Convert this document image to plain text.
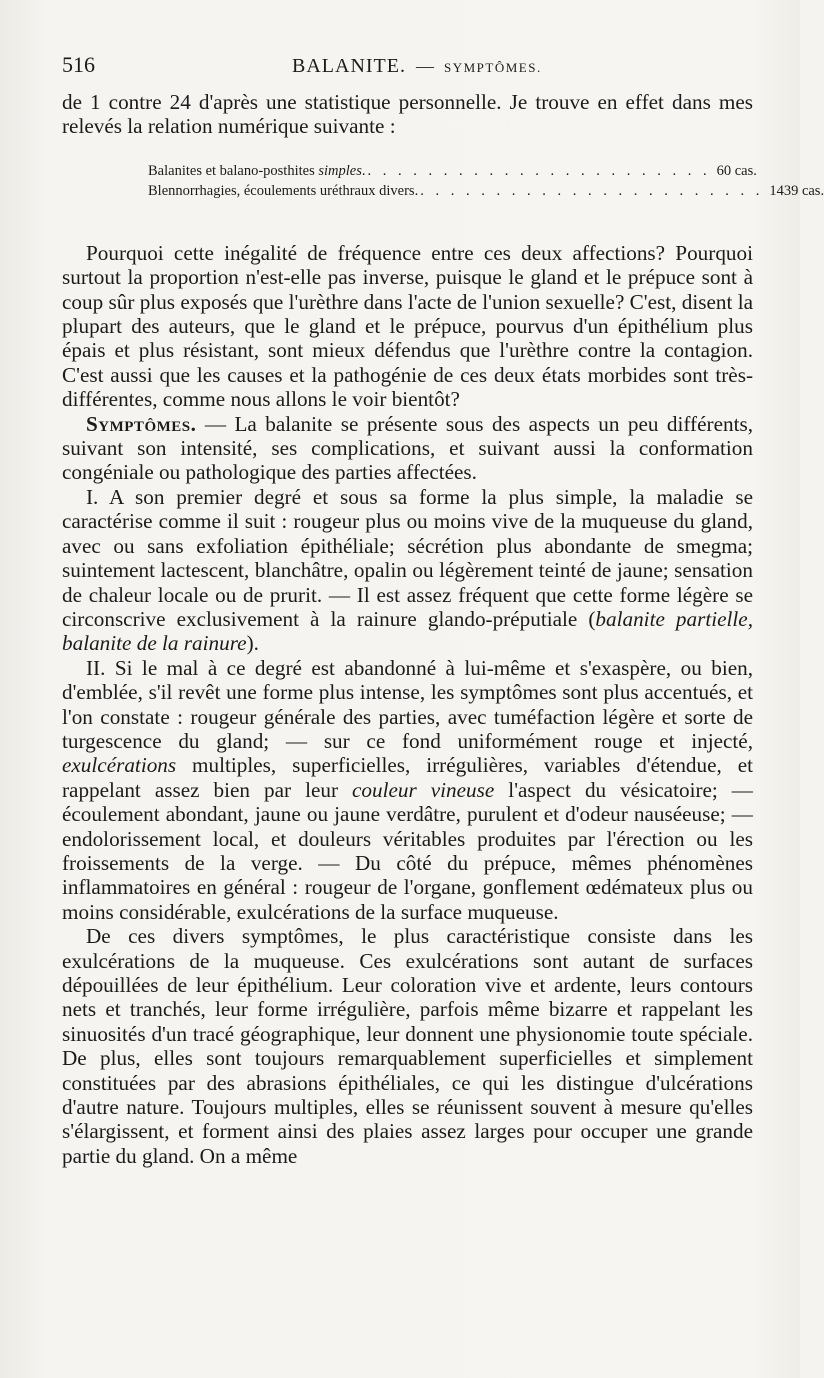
516	BALANITE. — SYMPTÔMES.

de 1 contre 24 d'après une statistique personnelle. Je trouve en effet dans mes relevés la relation numérique suivante :

Balanites et balano-posthites simples. . . . . . . . . . . . . . . . . . . . . . . . 60 cas.
Blennorrhagies, écoulements uréthraux divers. . . . . . . . . . . . . . . . . . . . . . . . 1439 cas.

Pourquoi cette inégalité de fréquence entre ces deux affections? Pourquoi surtout la proportion n'est-elle pas inverse, puisque le gland et le prépuce sont à coup sûr plus exposés que l'urèthre dans l'acte de l'union sexuelle? C'est, disent la plupart des auteurs, que le gland et le prépuce, pourvus d'un épithélium plus épais et plus résistant, sont mieux défendus que l'urèthre contre la contagion. C'est aussi que les causes et la pathogénie de ces deux états morbides sont très-différentes, comme nous allons le voir bientôt?

Symptômes. — La balanite se présente sous des aspects un peu différents, suivant son intensité, ses complications, et suivant aussi la conformation congéniale ou pathologique des parties affectées.

I. A son premier degré et sous sa forme la plus simple, la maladie se caractérise comme il suit : rougeur plus ou moins vive de la muqueuse du gland, avec ou sans exfoliation épithéliale; sécrétion plus abondante de smegma; suintement lactescent, blanchâtre, opalin ou légèrement teinté de jaune; sensation de chaleur locale ou de prurit. — Il est assez fréquent que cette forme légère se circonscrive exclusivement à la rainure glando-préputiale (balanite partielle, balanite de la rainure).

II. Si le mal à ce degré est abandonné à lui-même et s'exaspère, ou bien, d'emblée, s'il revêt une forme plus intense, les symptômes sont plus accentués, et l'on constate : rougeur générale des parties, avec tuméfaction légère et sorte de turgescence du gland; — sur ce fond uniformément rouge et injecté, exulcérations multiples, superficielles, irrégulières, variables d'étendue, et rappelant assez bien par leur couleur vineuse l'aspect du vésicatoire; — écoulement abondant, jaune ou jaune verdâtre, purulent et d'odeur nauséeuse; — endolorissement local, et douleurs véritables produites par l'érection ou les froissements de la verge. — Du côté du prépuce, mêmes phénomènes inflammatoires en général : rougeur de l'organe, gonflement œdémateux plus ou moins considérable, exulcérations de la surface muqueuse.

De ces divers symptômes, le plus caractéristique consiste dans les exulcérations de la muqueuse. Ces exulcérations sont autant de surfaces dépouillées de leur épithélium. Leur coloration vive et ardente, leurs contours nets et tranchés, leur forme irrégulière, parfois même bizarre et rappelant les sinuosités d'un tracé géographique, leur donnent une physionomie toute spéciale. De plus, elles sont toujours remarquablement superficielles et simplement constituées par des abrasions épithéliales, ce qui les distingue d'ulcérations d'autre nature. Toujours multiples, elles se réunissent souvent à mesure qu'elles s'élargissent, et forment ainsi des plaies assez larges pour occuper une grande partie du gland. On a même
